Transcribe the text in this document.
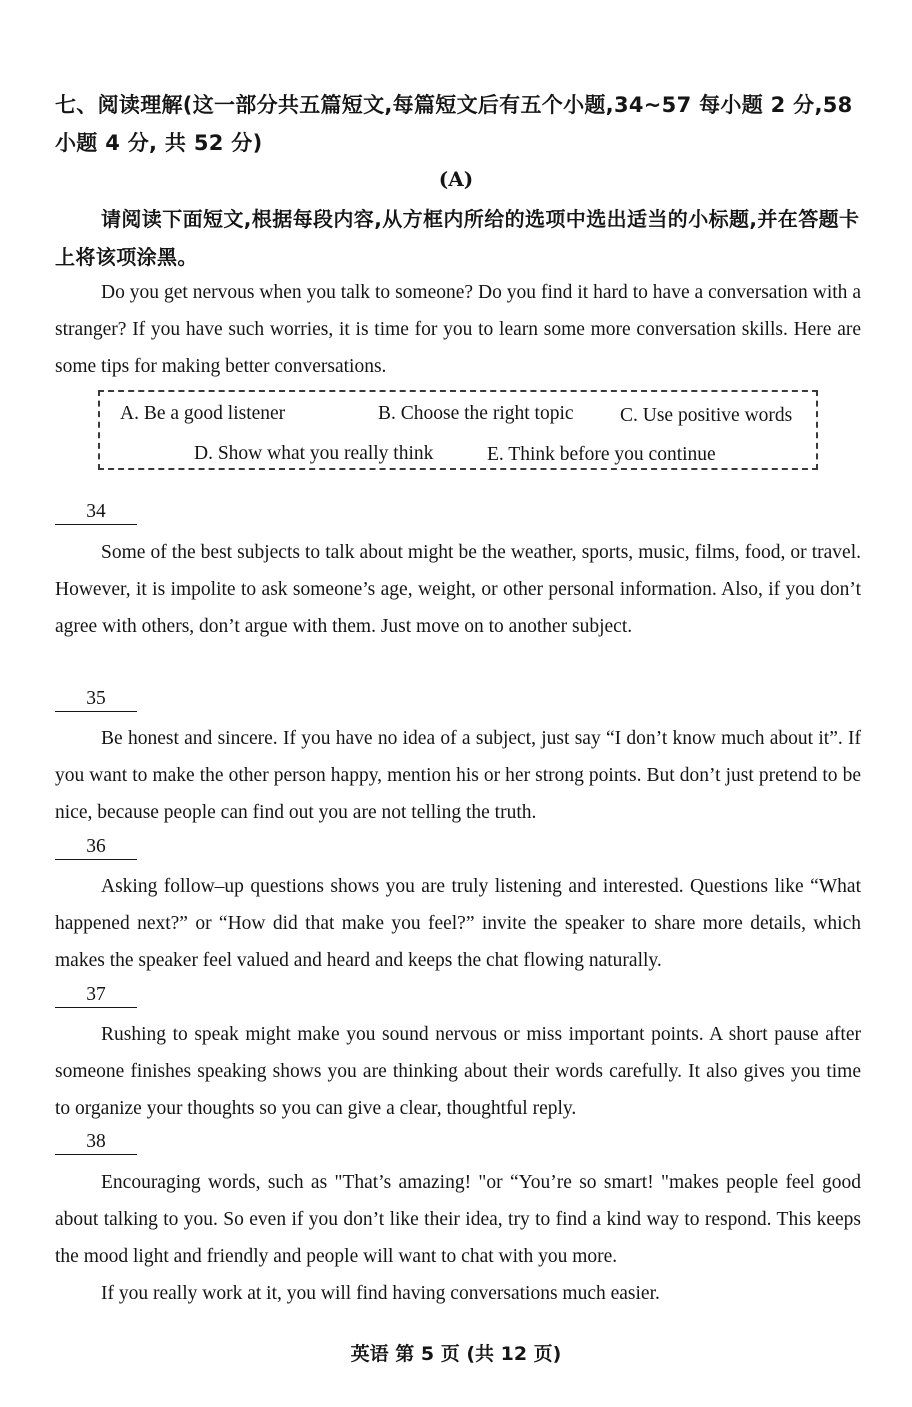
七、阅读理解(这一部分共五篇短文,每篇短文后有五个小题,34~57 每小题 2 分,58 小题 4 分, 共 52 分)
(A)
请阅读下面短文,根据每段内容,从方框内所给的选项中选出适当的小标题,并在答题卡上将该项涂黑。
Do you get nervous when you talk to someone? Do you find it hard to have a conversation with a stranger? If you have such worries, it is time for you to learn some more conversation skills. Here are some tips for making better conversations.
A. Be a good listener	B. Choose the right topic C. Use positive words
D. Show what you really think	E. Think before you continue
34
Some of the best subjects to talk about might be the weather, sports, music, films, food, or travel. However, it is impolite to ask someone’s age, weight, or other personal information. Also, if you don’t agree with others, don’t argue with them. Just move on to another subject.
35
Be honest and sincere. If you have no idea of a subject, just say “I don’t know much about it”. If you want to make the other person happy, mention his or her strong points. But don’t just pretend to be nice, because people can find out you are not telling the truth.
36
Asking follow–up questions shows you are truly listening and interested. Questions like “What happened next?” or “How did that make you feel?” invite the speaker to share more details, which makes the speaker feel valued and heard and keeps the chat flowing naturally.
37
Rushing to speak might make you sound nervous or miss important points. A short pause after someone finishes speaking shows you are thinking about their words carefully. It also gives you time to organize your thoughts so you can give a clear, thoughtful reply.
38
Encouraging words, such as "That’s amazing! "or “You’re so smart! "makes people feel good about talking to you. So even if you don’t like their idea, try to find a kind way to respond. This keeps the mood light and friendly and people will want to chat with you more.
If you really work at it, you will find having conversations much easier.
英语 第 5 页 (共 12 页)
